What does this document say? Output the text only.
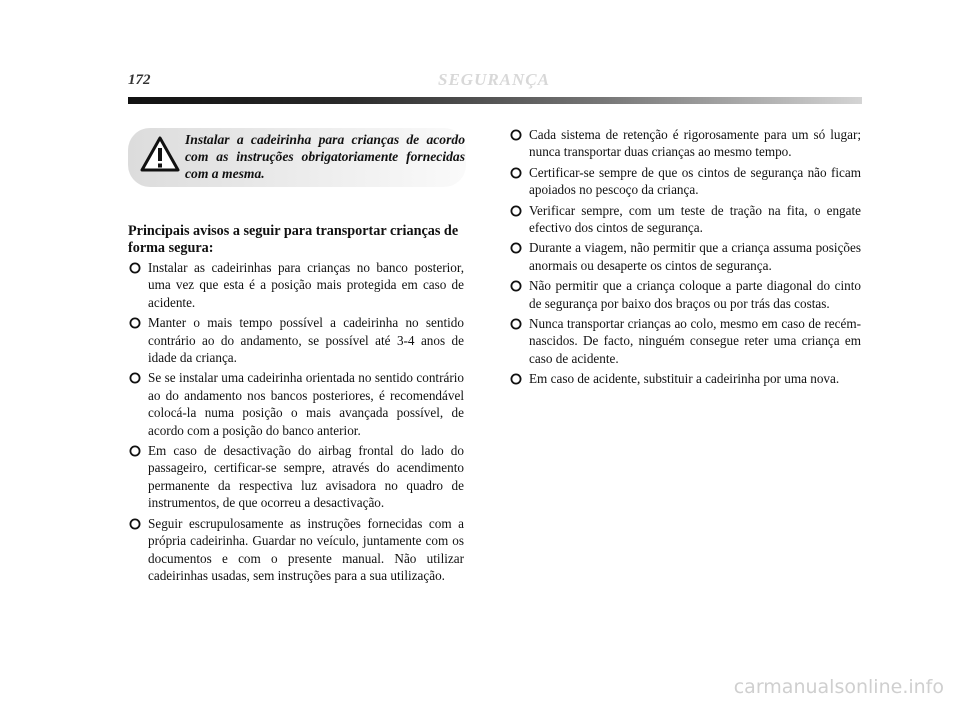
172	SEGURANÇA
Instalar a cadeirinha para crianças de acordo com as instruções obrigatoriamente fornecidas com a mesma.

Principais avisos a seguir para transportar crianças de forma segura:

Instalar as cadeirinhas para crianças no banco posterior, uma vez que esta é a posição mais protegida em caso de acidente.
Manter o mais tempo possível a cadeirinha no sentido contrário ao do andamento, se possível até 3-4 anos de idade da criança.
Se se instalar uma cadeirinha orientada no sentido contrário ao do andamento nos bancos posteriores, é recomendável colocá-la numa posição o mais avançada possível, de acordo com a posição do banco anterior.
Em caso de desactivação do airbag frontal do lado do passageiro, certificar-se sempre, através do acendimento permanente da respectiva luz avisadora no quadro de instrumentos, de que ocorreu a desactivação.
Seguir escrupulosamente as instruções fornecidas com a própria cadeirinha. Guardar no veículo, juntamente com os documentos e com o presente manual. Não utilizar cadeirinhas usadas, sem instruções para a sua utilização.
Cada sistema de retenção é rigorosamente para um só lugar; nunca transportar duas crianças ao mesmo tempo.
Certificar-se sempre de que os cintos de segurança não ficam apoiados no pescoço da criança.
Verificar sempre, com um teste de tração na fita, o engate efectivo dos cintos de segurança.
Durante a viagem, não permitir que a criança assuma posições anormais ou desaperte os cintos de segurança.
Não permitir que a criança coloque a parte diagonal do cinto de segurança por baixo dos braços ou por trás das costas.
Nunca transportar crianças ao colo, mesmo em caso de recém-nascidos. De facto, ninguém consegue reter uma criança em caso de acidente.
Em caso de acidente, substituir a cadeirinha por uma nova.
carmanualsonline.info
